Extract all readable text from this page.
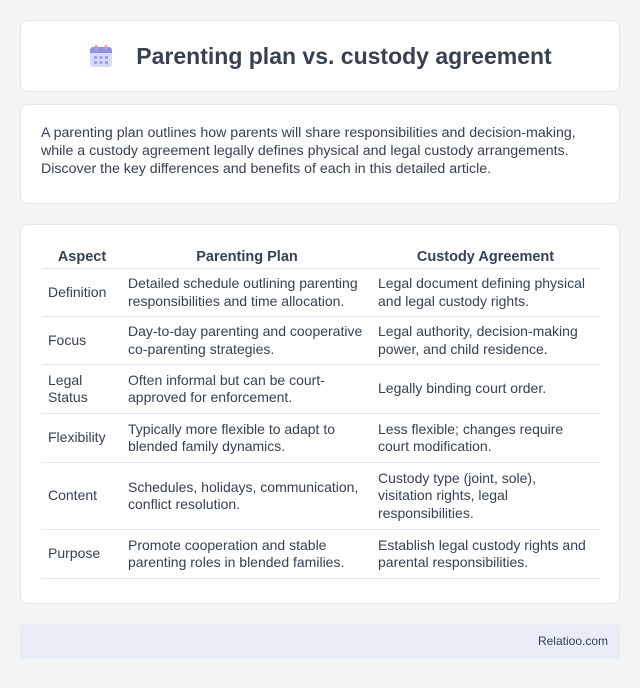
Parenting plan vs. custody agreement

A parenting plan outlines how parents will share responsibilities and decision-making, while a custody agreement legally defines physical and legal custody arrangements. Discover the key differences and benefits of each in this detailed article.

Aspect	Parenting Plan	Custody Agreement
Definition	Detailed schedule outlining parenting responsibilities and time allocation.	Legal document defining physical and legal custody rights.
Focus	Day-to-day parenting and cooperative co-parenting strategies.	Legal authority, decision-making power, and child residence.
Legal Status	Often informal but can be court-approved for enforcement.	Legally binding court order.
Flexibility	Typically more flexible to adapt to blended family dynamics.	Less flexible; changes require court modification.
Content	Schedules, holidays, communication, conflict resolution.	Custody type (joint, sole), visitation rights, legal responsibilities.
Purpose	Promote cooperation and stable parenting roles in blended families.	Establish legal custody rights and parental responsibilities.
Relatioo.com
